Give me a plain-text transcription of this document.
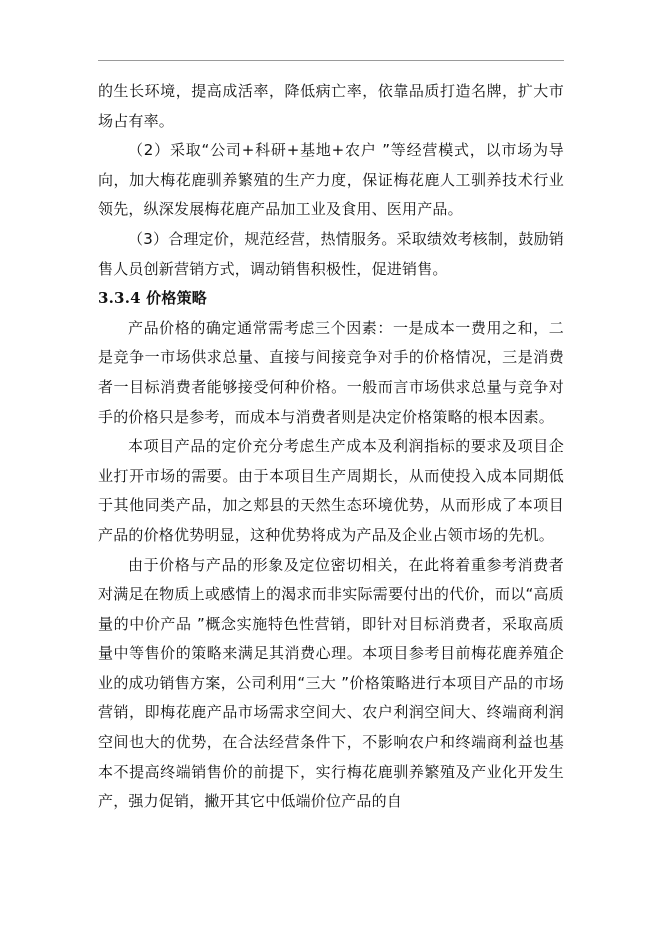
的生长环境，提高成活率，降低病亡率，依靠品质打造名牌，扩大市场占有率。

（2）采取“公司+科研+基地+农户 ”等经营模式，以市场为导向，加大梅花鹿驯养繁殖的生产力度，保证梅花鹿人工驯养技术行业领先，纵深发展梅花鹿产品加工业及食用、医用产品。

（3）合理定价，规范经营，热情服务。采取绩效考核制，鼓励销售人员创新营销方式，调动销售积极性，促进销售。

3.3.4 价格策略

产品价格的确定通常需考虑三个因素：一是成本一费用之和，二是竞争一市场供求总量、直接与间接竞争对手的价格情况，三是消费者一目标消费者能够接受何种价格。一般而言市场供求总量与竞争对手的价格只是参考，而成本与消费者则是决定价格策略的根本因素。

本项目产品的定价充分考虑生产成本及利润指标的要求及项目企业打开市场的需要。由于本项目生产周期长，从而使投入成本同期低于其他同类产品，加之郏县的天然生态环境优势，从而形成了本项目产品的价格优势明显，这种优势将成为产品及企业占领市场的先机。

由于价格与产品的形象及定位密切相关，在此将着重参考消费者对满足在物质上或感情上的渴求而非实际需要付出的代价，而以“高质量的中价产品 ”概念实施特色性营销，即针对目标消费者，采取高质量中等售价的策略来满足其消费心理。本项目参考目前梅花鹿养殖企业的成功销售方案，公司利用“三大 ”价格策略进行本项目产品的市场营销，即梅花鹿产品市场需求空间大、农户利润空间大、终端商利润空间也大的优势，在合法经营条件下，不影响农户和终端商利益也基本不提高终端销售价的前提下，实行梅花鹿驯养繁殖及产业化开发生产，强力促销，撇开其它中低端价位产品的自
